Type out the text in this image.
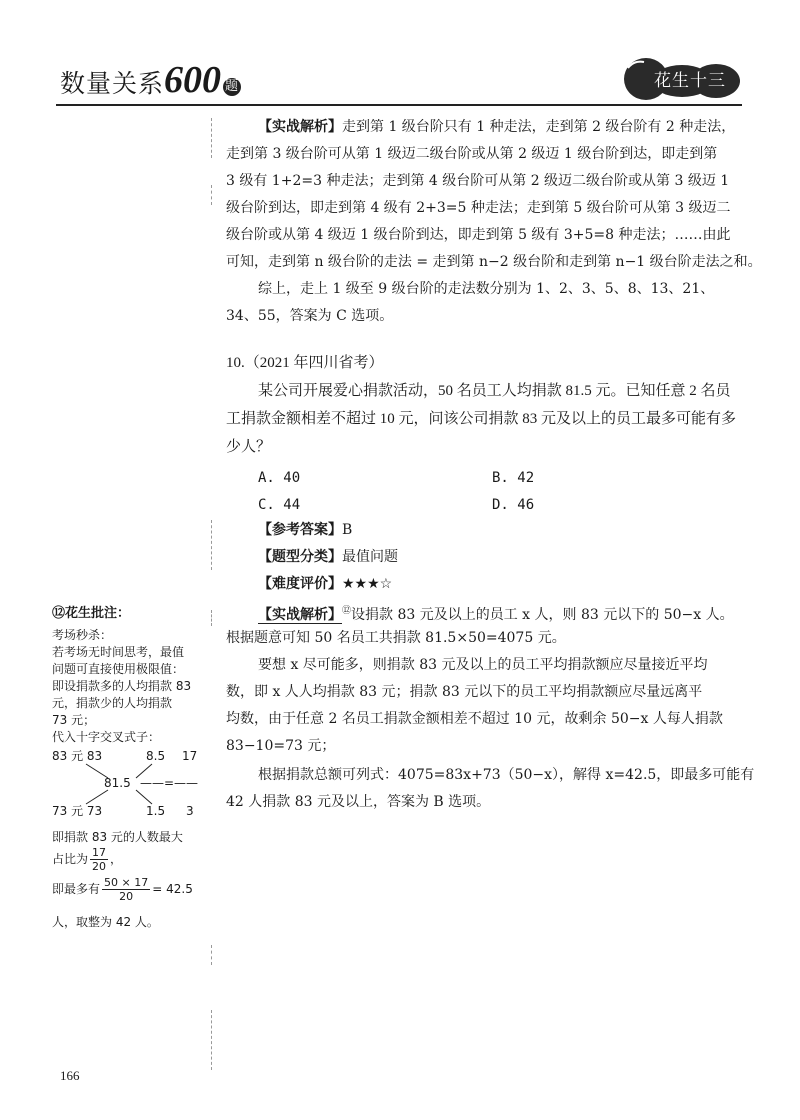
数量关系600 题	花生十三
【实战解析】走到第 1 级台阶只有 1 种走法，走到第 2 级台阶有 2 种走法，
走到第 3 级台阶可从第 1 级迈二级台阶或从第 2 级迈 1 级台阶到达，即走到第
3 级有 1+2=3 种走法；走到第 4 级台阶可从第 2 级迈二级台阶或从第 3 级迈 1
级台阶到达，即走到第 4 级有 2+3=5 种走法；走到第 5 级台阶可从第 3 级迈二
级台阶或从第 4 级迈 1 级台阶到达，即走到第 5 级有 3+5=8 种走法；……由此
可知，走到第 n 级台阶的走法 = 走到第 n−2 级台阶和走到第 n−1 级台阶走法之和。
综上，走上 1 级至 9 级台阶的走法数分别为 1、2、3、5、8、13、21、
34、55，答案为 C 选项。
10.（2021 年四川省考）
某公司开展爱心捐款活动，50 名员工人均捐款 81.5 元。已知任意 2 名员
工捐款金额相差不超过 10 元，问该公司捐款 83 元及以上的员工最多可能有多
少人？
A. 40	B. 42
C. 44	D. 46
【参考答案】B
【题型分类】最值问题
【难度评价】★★★☆
【实战解析】⑫设捐款 83 元及以上的员工 x 人，则 83 元以下的 50−x 人。
根据题意可知 50 名员工共捐款 81.5×50=4075 元。
要想 x 尽可能多，则捐款 83 元及以上的员工平均捐款额应尽量接近平均
数，即 x 人人均捐款 83 元；捐款 83 元以下的员工平均捐款额应尽量远离平
均数，由于任意 2 名员工捐款金额相差不超过 10 元，故剩余 50−x 人每人捐款
83−10=73 元；
根据捐款总额可列式：4075=83x+73（50−x），解得 x=42.5，即最多可能有
42 人捐款 83 元及以上，答案为 B 选项。
⑫花生批注：
考场秒杀：
若考场无时间思考，最值
问题可直接使用极限值：
即设捐款多的人均捐款 83
元，捐款少的人均捐款
73 元；
代入十字交叉式子：
83 元 83	8.5 17
81.5 ——=——
73 元 73	1.5 3
即捐款 83 元的人数最大
占比为 $\frac{17}{20}$ ，
即最多有 $\frac{50 \times 17}{20} = 42.5$
人，取整为 42 人。
166
